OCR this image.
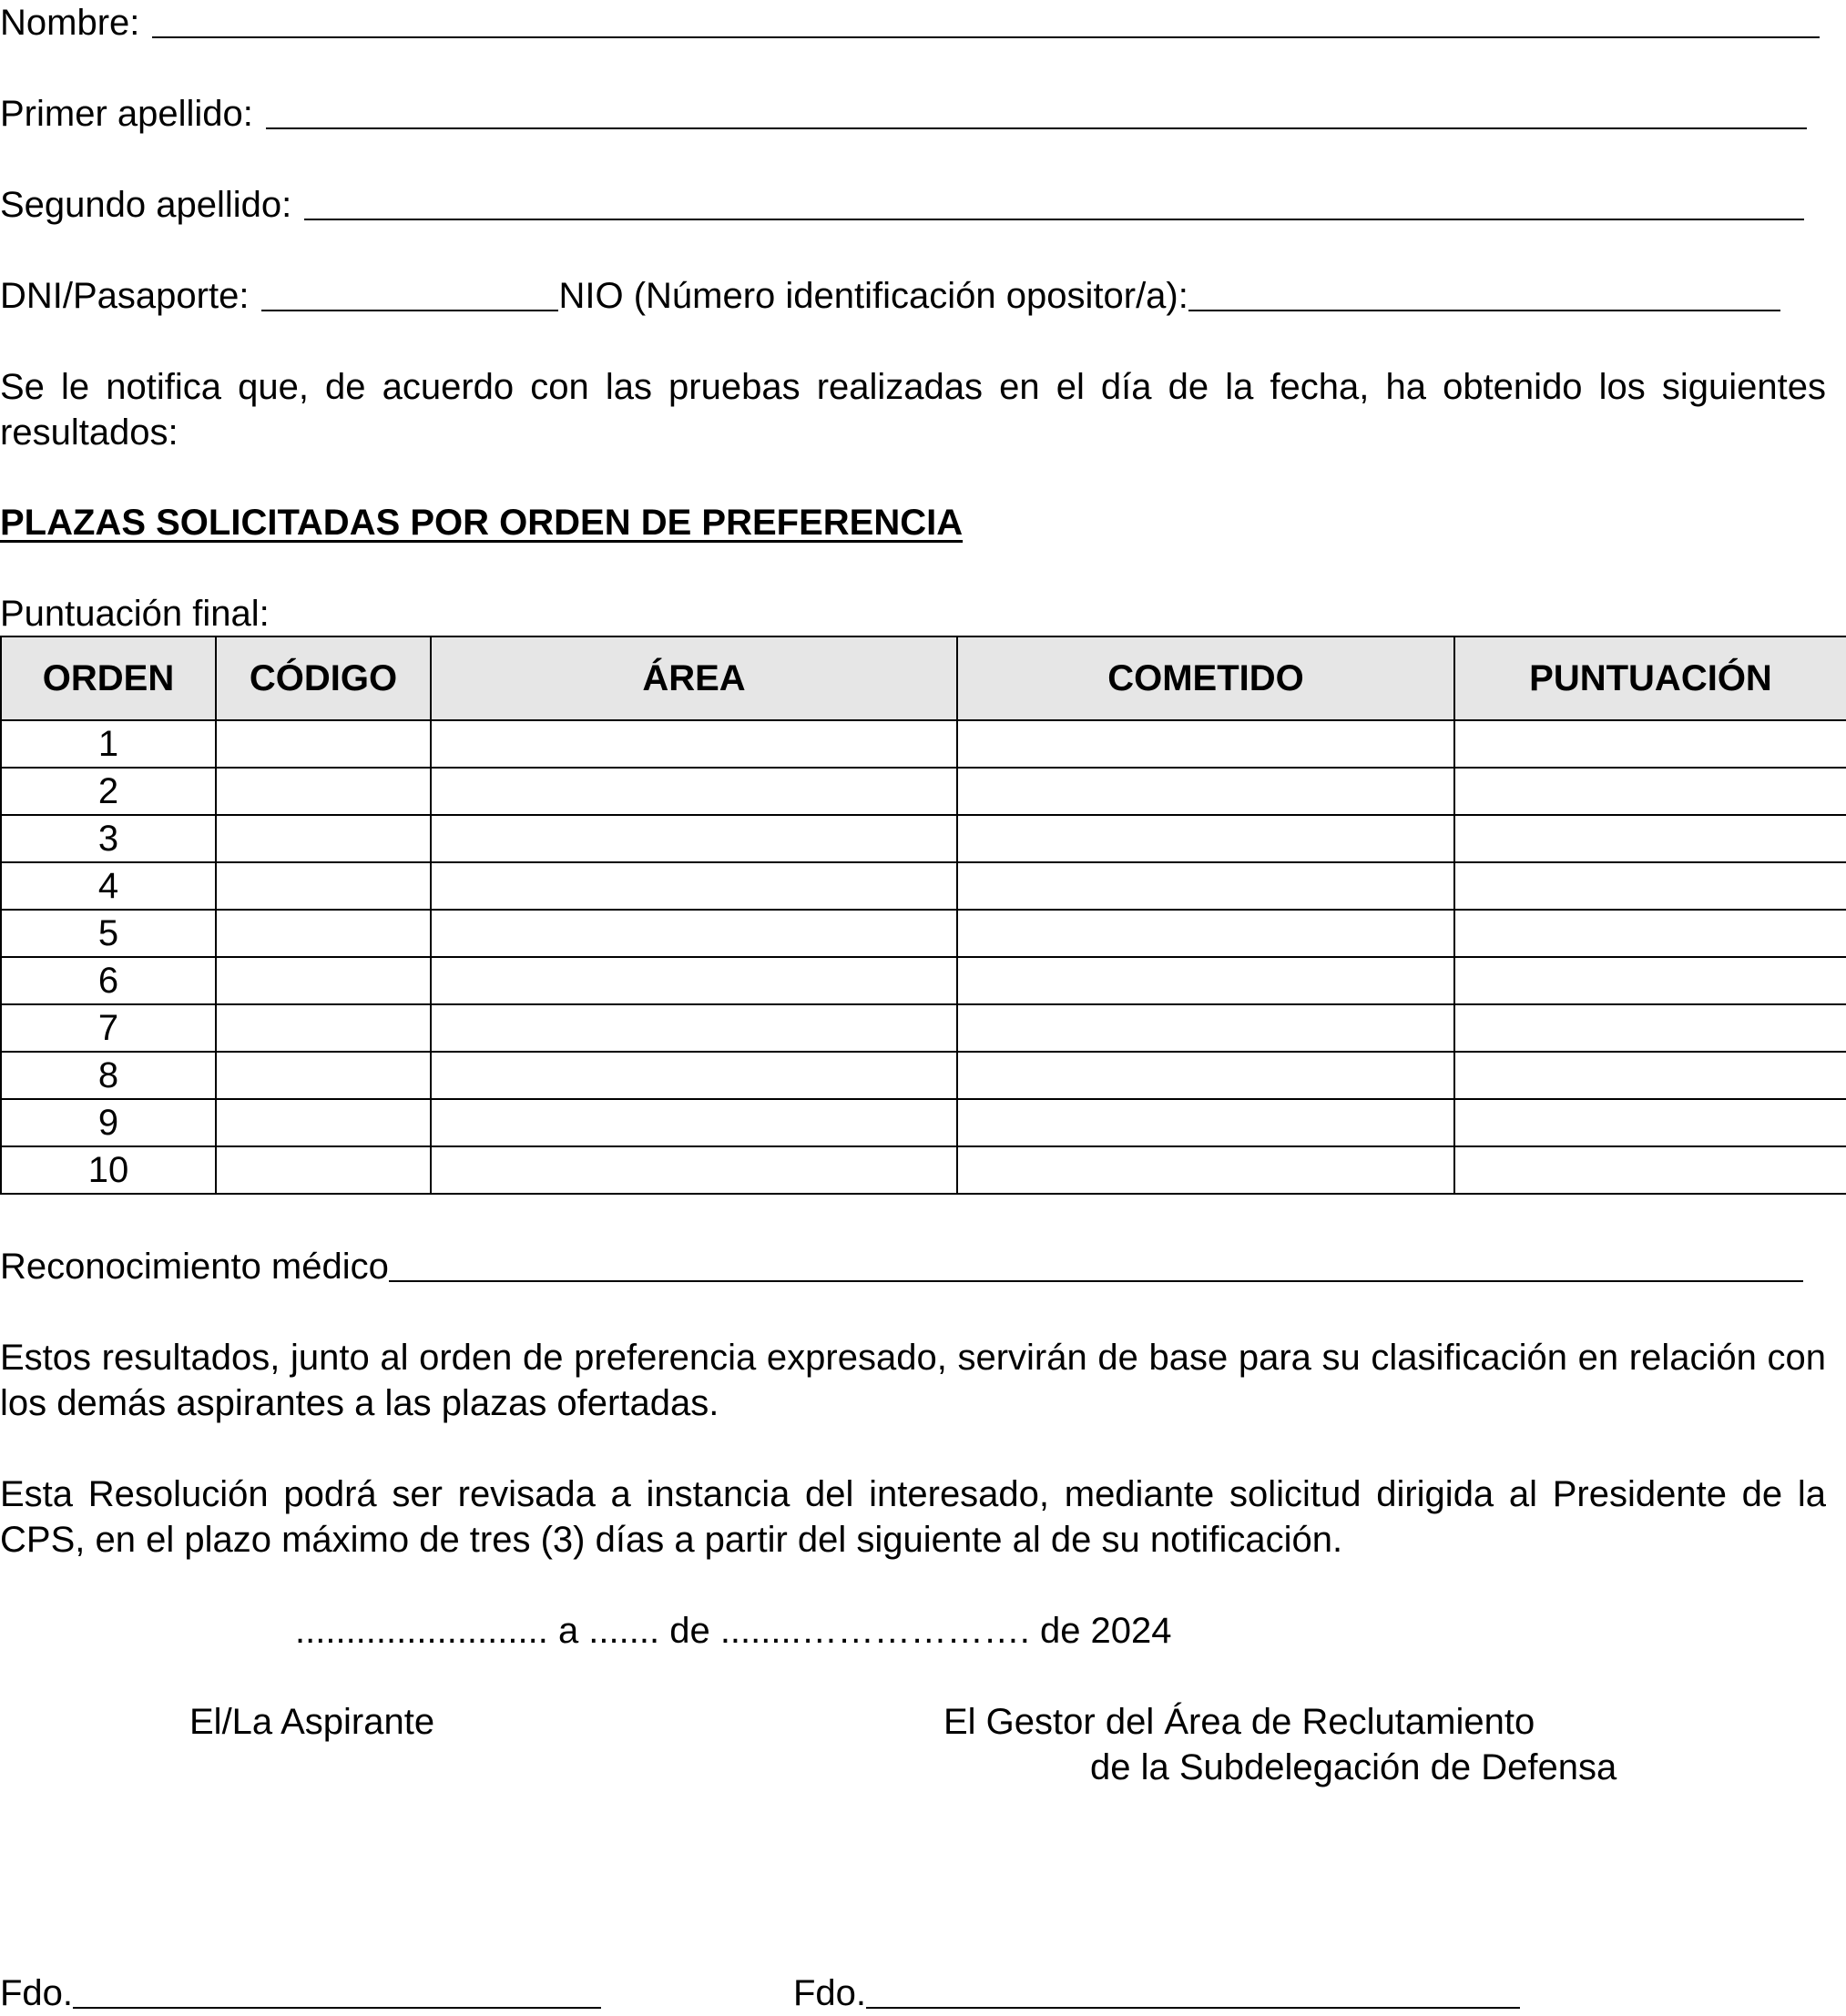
Nombre:
Primer apellido:
Segundo apellido:
DNI/Pasaporte:	NIO (Número identificación opositor/a):
Se le notifica que, de acuerdo con las pruebas realizadas en el día de la fecha, ha obtenido los siguientes resultados:
PLAZAS SOLICITADAS POR ORDEN DE PREFERENCIA
Puntuación final:
ORDEN	CÓDIGO	ÁREA	COMETIDO	PUNTUACIÓN
1				
2				
3				
4				
5				
6				
7				
8				
9				
10				
Reconocimiento médico
Estos resultados, junto al orden de preferencia expresado, servirán de base para su clasificación en relación con los demás aspirantes a las plazas ofertadas.
Esta Resolución podrá ser revisada a instancia del interesado, mediante solicitud dirigida al Presidente de la CPS, en el plazo máximo de tres (3) días a partir del siguiente al de su notificación.
......................... a ....... de ........………………. de 2024
El/La Aspirante	El Gestor del Área de Reclutamiento
de la Subdelegación de Defensa
Fdo.	Fdo.
